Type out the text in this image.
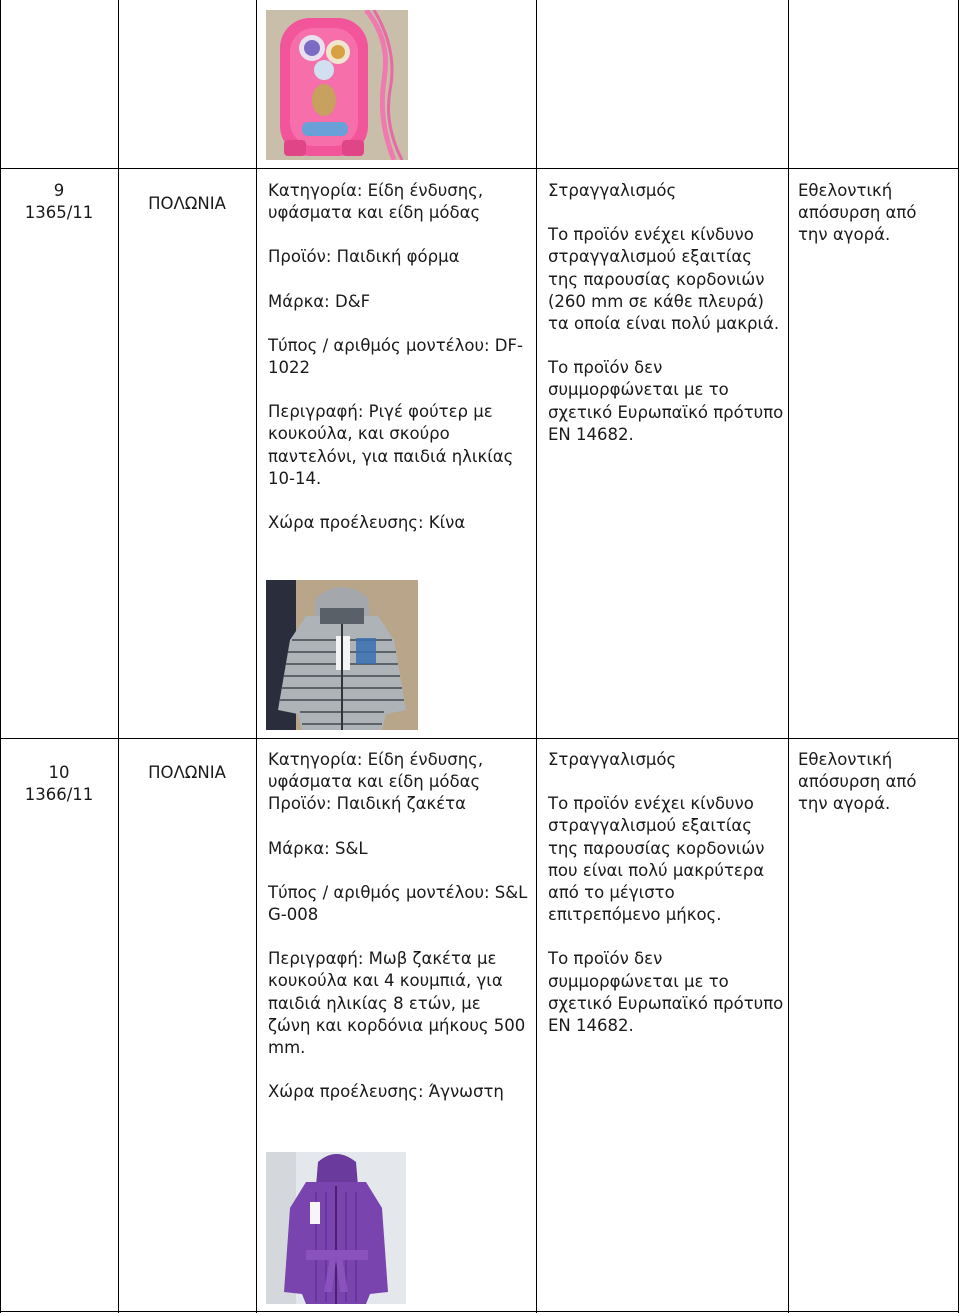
9

1365/11	ΠΟΛΩΝΙΑ

Κατηγορία: Είδη ένδυσης, υφάσματα και είδη μόδας

Προϊόν: Παιδική φόρμα

Μάρκα: D&F

Τύπος / αριθμός μοντέλου: DF-1022

Περιγραφή: Ριγέ φούτερ με κουκούλα, και σκούρο παντελόνι, για παιδιά ηλικίας 10-14.

Χώρα προέλευσης: Κίνα

Στραγγαλισμός

Το προϊόν ενέχει κίνδυνο στραγγαλισμού εξαιτίας της παρουσίας κορδονιών (260 mm σε κάθε πλευρά) τα οποία είναι πολύ μακριά.

Το προϊόν δεν συμμορφώνεται με το σχετικό Ευρωπαϊκό πρότυπο EN 14682.

Εθελοντική απόσυρση από την αγορά.

10

1366/11

ΠΟΛΩΝΙΑ

Κατηγορία: Είδη ένδυσης, υφάσματα και είδη μόδας

Προϊόν: Παιδική ζακέτα

Μάρκα: S&L

Τύπος / αριθμός μοντέλου: S&L G-008

Περιγραφή: Μωβ ζακέτα με κουκούλα και 4 κουμπιά, για παιδιά ηλικίας 8 ετών, με ζώνη και κορδόνια μήκους 500 mm.

Χώρα προέλευσης: Άγνωστη

Στραγγαλισμός

Το προϊόν ενέχει κίνδυνο στραγγαλισμού εξαιτίας της παρουσίας κορδονιών που είναι πολύ μακρύτερα από το μέγιστο επιτρεπόμενο μήκος.

Το προϊόν δεν συμμορφώνεται με το σχετικό Ευρωπαϊκό πρότυπο EN 14682.

Εθελοντική απόσυρση από την αγορά.
